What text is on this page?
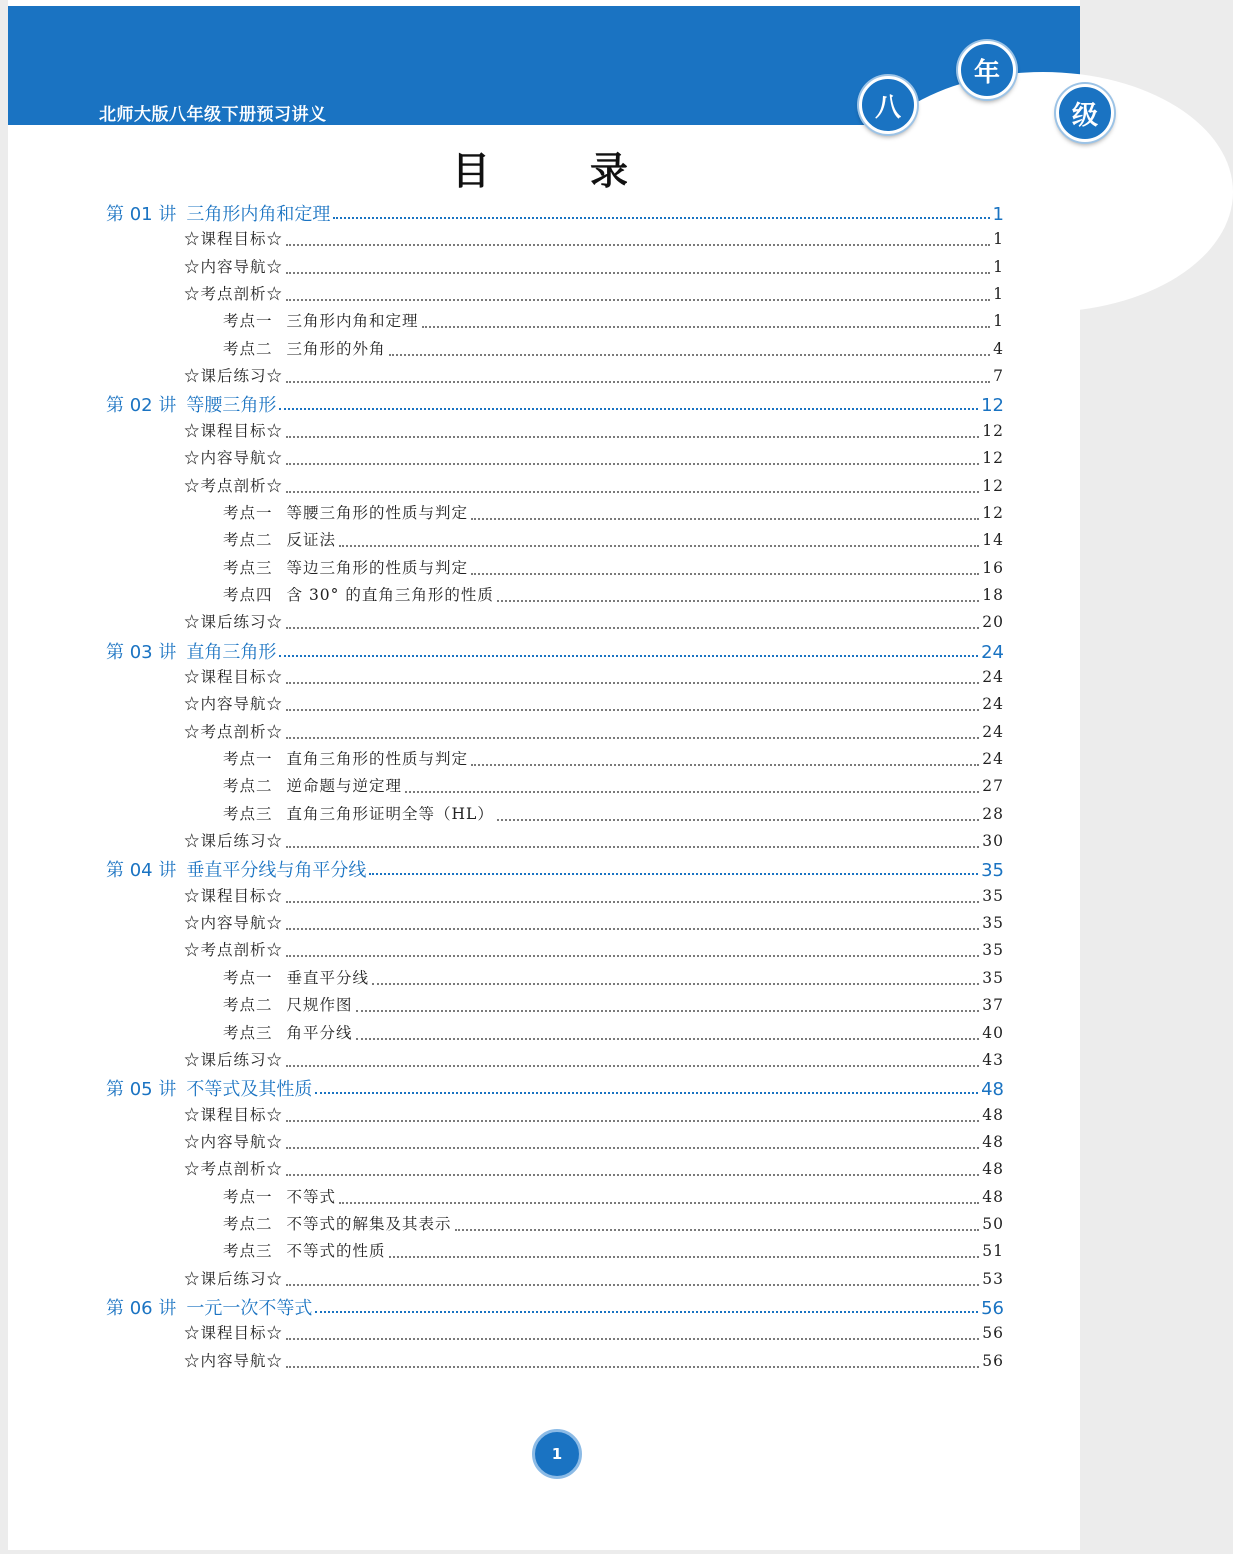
北师大版八年级下册预习讲义	八
年
级
1
目录
第 01 讲 三角形内角和定理	1
☆课程目标☆	1
☆内容导航☆	1
☆考点剖析☆	1
考点一 三角形内角和定理	1
考点二 三角形的外角	4
☆课后练习☆	7
第 02 讲 等腰三角形	12
☆课程目标☆	12
☆内容导航☆	12
☆考点剖析☆	12
考点一 等腰三角形的性质与判定	12
考点二 反证法	14
考点三 等边三角形的性质与判定	16
考点四 含 30° 的直角三角形的性质	18
☆课后练习☆	20
第 03 讲 直角三角形	24
☆课程目标☆	24
☆内容导航☆	24
☆考点剖析☆	24
考点一 直角三角形的性质与判定	24
考点二 逆命题与逆定理	27
考点三 直角三角形证明全等（HL）	28
☆课后练习☆	30
第 04 讲 垂直平分线与角平分线	35
☆课程目标☆	35
☆内容导航☆	35
☆考点剖析☆	35
考点一 垂直平分线	35
考点二 尺规作图	37
考点三 角平分线	40
☆课后练习☆	43
第 05 讲 不等式及其性质	48
☆课程目标☆	48
☆内容导航☆	48
☆考点剖析☆	48
考点一 不等式	48
考点二 不等式的解集及其表示	50
考点三 不等式的性质	51
☆课后练习☆	53
第 06 讲 一元一次不等式	56
☆课程目标☆	56
☆内容导航☆	56
